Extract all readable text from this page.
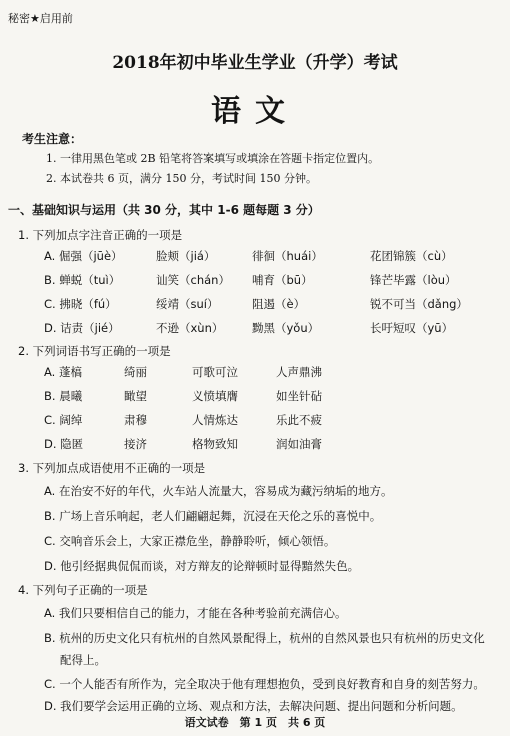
秘密★启用前
2018年初中毕业生学业（升学）考试
语文
考生注意：
1. 一律用黑色笔或 2B 铅笔将答案填写或填涂在答题卡指定位置内。
2. 本试卷共 6 页，满分 150 分，考试时间 150 分钟。
一、基础知识与运用（共 30 分，其中 1-6 题每题 3 分）
1. 下列加点字注音正确的一项是
A. 倔强（jūè）	脸颊（jiá）	徘徊（huái）	花团锦簇（cù）
B. 蝉蜕（tuì）	讪笑（chán） 哺育（bū）	锋芒毕露（lòu）
C. 拂晓（fú）	绥靖（suí）	阻遏（è）	锐不可当（dǎng）
D. 诘责（jié）	不逊（xùn） 黝黑（yǒu）	长吁短叹（yū）
2. 下列词语书写正确的一项是
A. 蓬槁	绮丽	可歌可泣	人声鼎沸
B. 晨曦	瞰望	义愤填膺	如坐针砧
C. 阔绰	肃穆	人情炼达	乐此不疲
D. 隐匿	接济	格物致知	润如油膏
3. 下列加点成语使用不正确的一项是
A. 在治安不好的年代，火车站人流量大，容易成为藏污纳垢的地方。
B. 广场上音乐响起，老人们翩翩起舞，沉浸在天伦之乐的喜悦中。
C. 交响音乐会上，大家正襟危坐，静静聆听，倾心领悟。
D. 他引经据典侃侃而谈，对方辩友的论辩顿时显得黯然失色。
4. 下列句子正确的一项是
A. 我们只要相信自己的能力，才能在各种考验前充满信心。
B. 杭州的历史文化只有杭州的自然风景配得上，杭州的自然风景也只有杭州的历史文化
配得上。
C. 一个人能否有所作为，完全取决于他有理想抱负，受到良好教育和自身的刻苦努力。
D. 我们要学会运用正确的立场、观点和方法，去解决问题、提出问题和分析问题。
语文试卷　第 1 页　共 6 页
